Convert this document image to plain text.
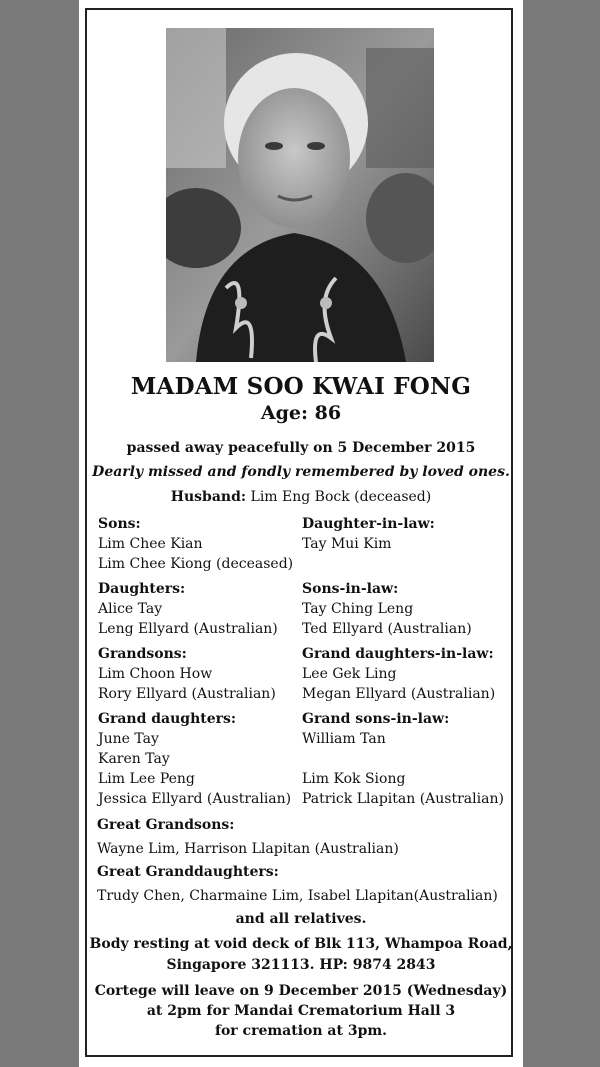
MADAM SOO KWAI FONG
Age: 86
passed away peacefully on 5 December 2015
Dearly missed and fondly remembered by loved ones.
Husband: Lim Eng Bock (deceased)
Sons:
Lim Chee Kian
Lim Chee Kiong (deceased)
Daughter-in-law:
Tay Mui Kim
Daughters:
Alice Tay
Leng Ellyard (Australian)
Sons-in-law:
Tay Ching Leng
Ted Ellyard (Australian)
Grandsons:
Lim Choon How
Rory Ellyard (Australian)
Grand daughters-in-law:
Lee Gek Ling
Megan Ellyard (Australian)
Grand daughters:
June Tay
Karen Tay
Lim Lee Peng
Jessica Ellyard (Australian)
Grand sons-in-law:
William Tan
Lim Kok Siong
Patrick Llapitan (Australian)
Great Grandsons:
Wayne Lim, Harrison Llapitan (Australian)
Great Granddaughters:
Trudy Chen, Charmaine Lim, Isabel Llapitan(Australian)
and all relatives.
Body resting at void deck of Blk 113, Whampoa Road,
Singapore 321113. HP: 9874 2843
Cortege will leave on 9 December 2015 (Wednesday)
at 2pm for Mandai Crematorium Hall 3
for cremation at 3pm.
